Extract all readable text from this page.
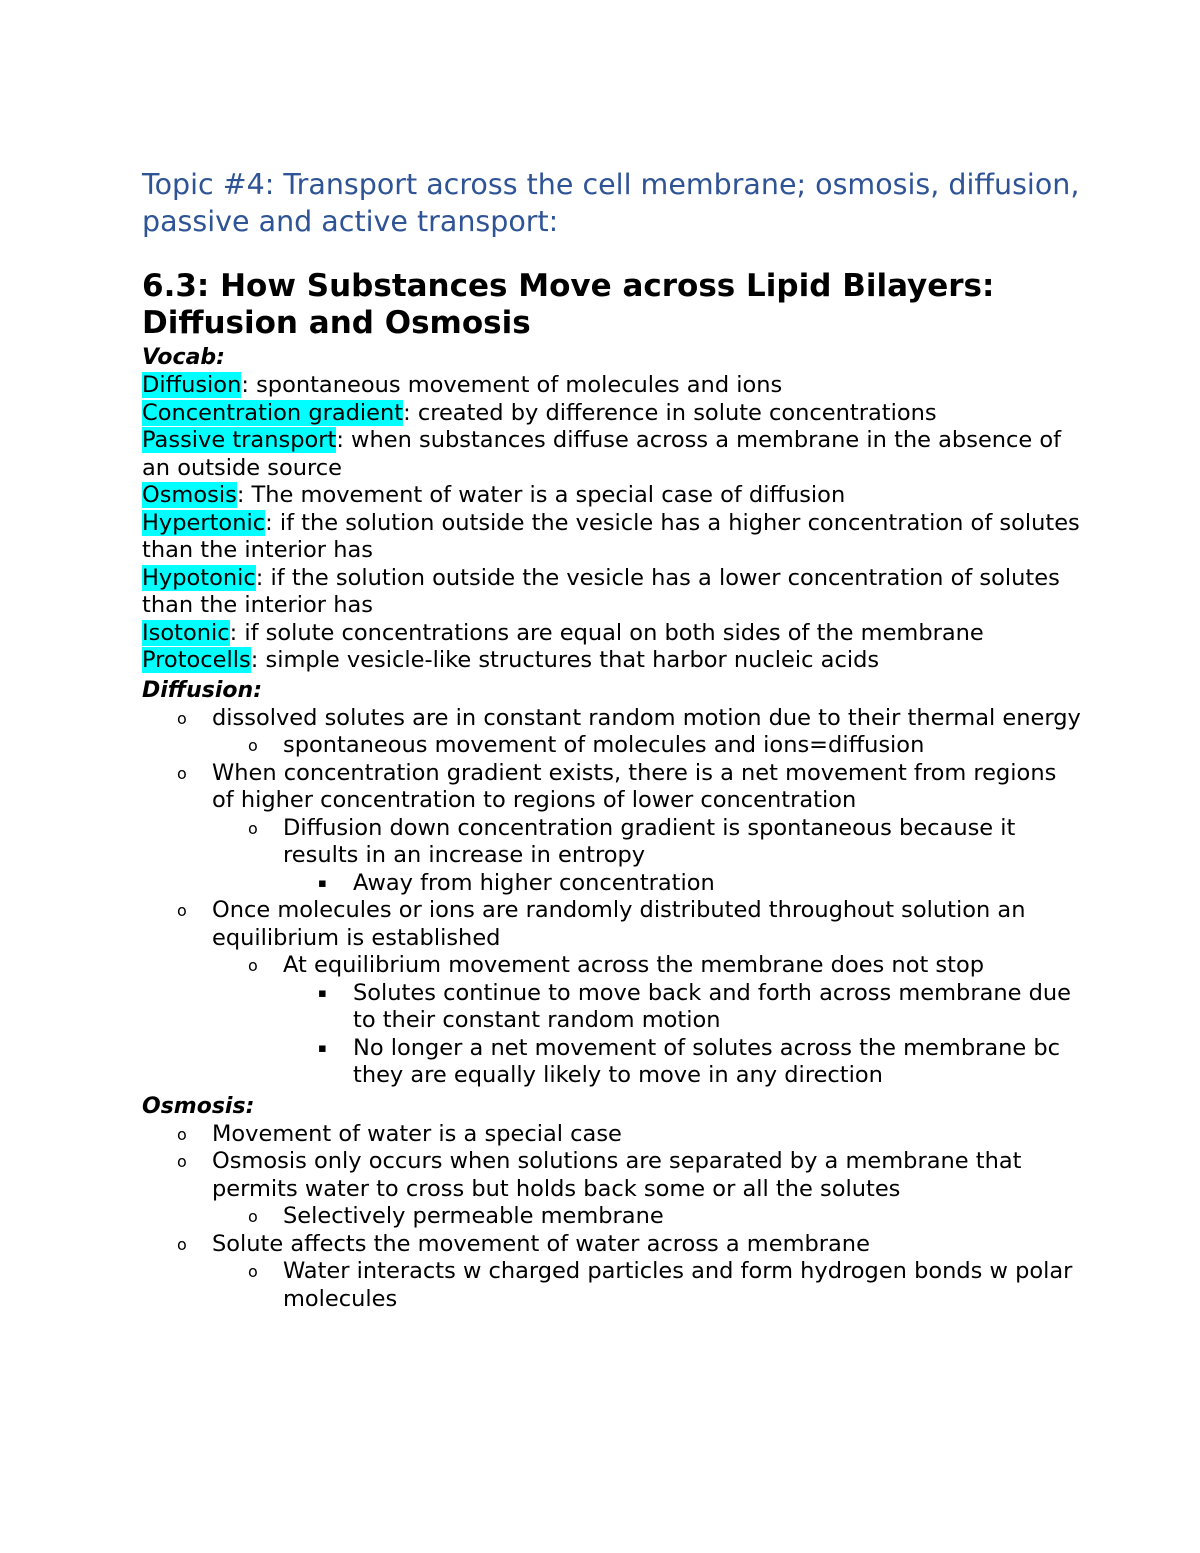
Topic #4: Transport across the cell membrane; osmosis, diffusion, passive and active transport:
6.3: How Substances Move across Lipid Bilayers: Diffusion and Osmosis
Vocab:

Diffusion: spontaneous movement of molecules and ions

Concentration gradient: created by difference in solute concentrations

Passive transport: when substances diffuse across a membrane in the absence of an outside source

Osmosis: The movement of water is a special case of diffusion

Hypertonic: if the solution outside the vesicle has a higher concentration of solutes than the interior has

Hypotonic: if the solution outside the vesicle has a lower concentration of solutes than the interior has

Isotonic: if solute concentrations are equal on both sides of the membrane

Protocells: simple vesicle-like structures that harbor nucleic acids

Diffusion:
o dissolved solutes are in constant random motion due to their thermal energy
o spontaneous movement of molecules and ions=diffusion
o When concentration gradient exists, there is a net movement from regions of higher concentration to regions of lower concentration
o Diffusion down concentration gradient is spontaneous because it results in an increase in entropy
▪ Away from higher concentration
o Once molecules or ions are randomly distributed throughout solution an equilibrium is established
o At equilibrium movement across the membrane does not stop
▪ Solutes continue to move back and forth across membrane due to their constant random motion
▪ No longer a net movement of solutes across the membrane bc they are equally likely to move in any direction
Osmosis:
o Movement of water is a special case
o Osmosis only occurs when solutions are separated by a membrane that permits water to cross but holds back some or all the solutes
o Selectively permeable membrane
o Solute affects the movement of water across a membrane
o Water interacts w charged particles and form hydrogen bonds w polar molecules
